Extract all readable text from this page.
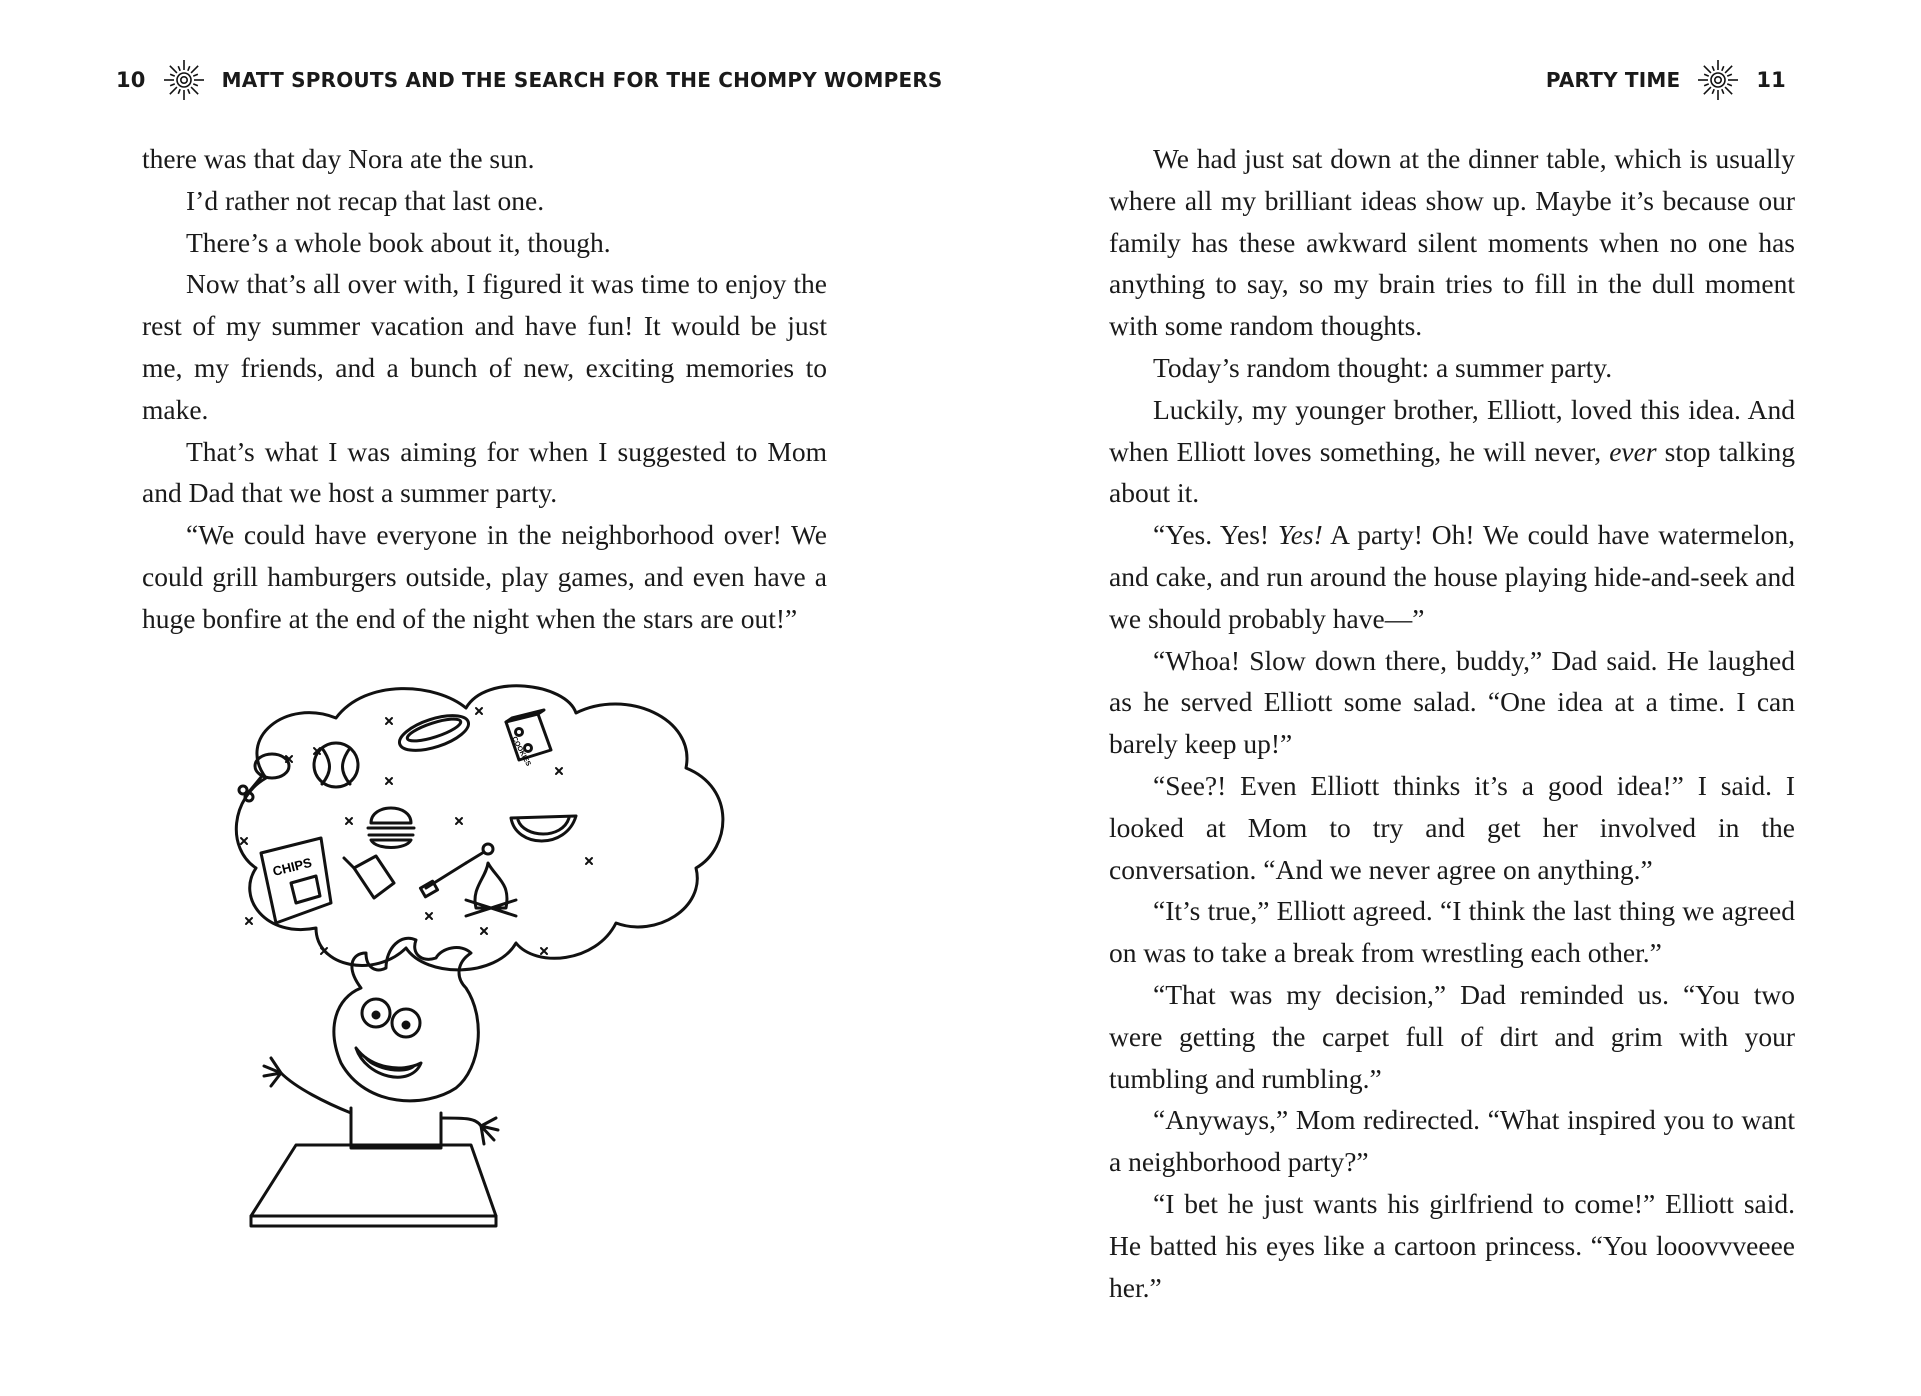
10	MATT SPROUTS AND THE SEARCH FOR THE CHOMPY WOMPERS

there was that day Nora ate the sun.

I’d rather not recap that last one.

There’s a whole book about it, though.

Now that’s all over with, I figured it was time to enjoy the rest of my summer vacation and have fun! It would be just me, my friends, and a bunch of new, exciting memories to make.

That’s what I was aiming for when I suggested to Mom and Dad that we host a summer party.

“We could have everyone in the neighborhood over! We could grill hamburgers outside, play games, and even have a huge bonfire at the end of the night when the stars are out!”

CHIPS
COOKIES
PARTY TIME	11

We had just sat down at the dinner table, which is usually where all my brilliant ideas show up. Maybe it’s because our family has these awkward silent moments when no one has anything to say, so my brain tries to fill in the dull moment with some random thoughts.

Today’s random thought: a summer party.

Luckily, my younger brother, Elliott, loved this idea. And when Elliott loves something, he will never, ever stop talking about it.

“Yes. Yes! Yes! A party! Oh! We could have watermelon, and cake, and run around the house playing hide-and-seek and we should probably have—”

“Whoa! Slow down there, buddy,” Dad said. He laughed as he served Elliott some salad. “One idea at a time. I can barely keep up!”

“See?! Even Elliott thinks it’s a good idea!” I said. I looked at Mom to try and get her involved in the conversation. “And we never agree on anything.”

“It’s true,” Elliott agreed. “I think the last thing we agreed on was to take a break from wrestling each other.”

“That was my decision,” Dad reminded us. “You two were getting the carpet full of dirt and grim with your tumbling and rumbling.”

“Anyways,” Mom redirected. “What inspired you to want a neighborhood party?”

“I bet he just wants his girlfriend to come!” Elliott said. He batted his eyes like a cartoon princess. “You looovvveeee her.”
